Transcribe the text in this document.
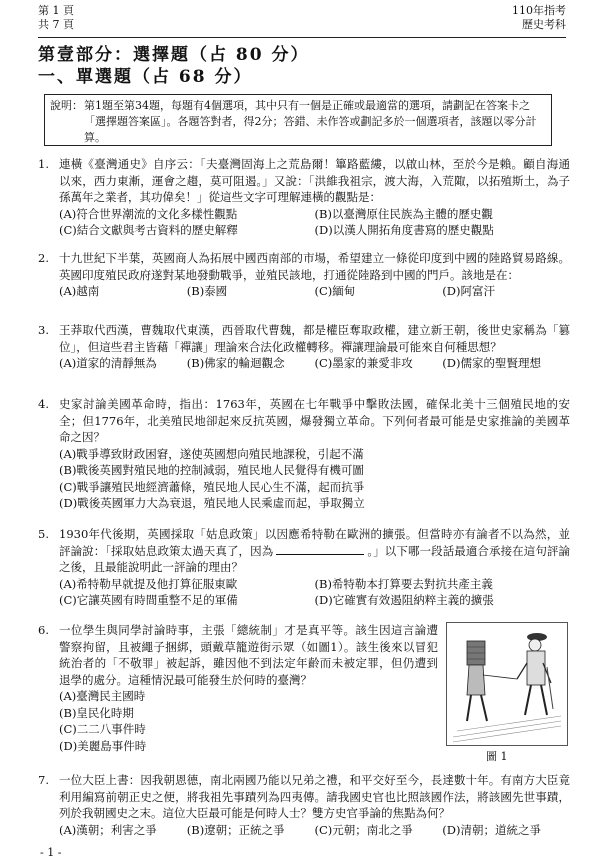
第 1 頁
共 7 頁
110年指考
歷史考科
第壹部分：選擇題（占 80 分）
一、單選題（占 68 分）
說明： 第1題至第34題，每題有4個選項，其中只有一個是正確或最適當的選項，請劃記在答案卡之「選擇題答案區」。各題答對者，得2分；答錯、未作答或劃記多於一個選項者，該題以零分計算。
1. 連橫《臺灣通史》自序云：「夫臺灣固海上之荒島爾！篳路藍縷，以啟山林，至於今是賴。顧自海通以來，西力東漸，運會之趨，莫可阻遏。」又說：「洪維我祖宗，渡大海，入荒陬，以拓殖斯土，為子孫萬年之業者，其功偉矣！」從這些文字可理解連橫的觀點是：
(A)符合世界潮流的文化多樣性觀點	(B)以臺灣原住民族為主體的歷史觀
(C)結合文獻與考古資料的歷史解釋	(D)以漢人開拓角度書寫的歷史觀點
2. 十九世紀下半葉，英國商人為拓展中國西南部的市場，希望建立一條從印度到中國的陸路貿易路線。英國印度殖民政府遂對某地發動戰爭，並殖民該地，打通從陸路到中國的門戶。該地是在：
(A)越南	(B)泰國	(C)緬甸	(D)阿富汗
3. 王莽取代西漢，曹魏取代東漢，西晉取代曹魏，都是權臣奪取政權，建立新王朝，後世史家稱為「篡位」，但這些君主皆藉「禪讓」理論來合法化政權轉移。禪讓理論最可能來自何種思想？
(A)道家的清靜無為	(B)佛家的輪迴觀念	(C)墨家的兼愛非攻	(D)儒家的聖賢理想
4. 史家討論美國革命時，指出：1763年，英國在七年戰爭中擊敗法國，確保北美十三個殖民地的安全；但1776年，北美殖民地卻起來反抗英國，爆發獨立革命。下列何者最可能是史家推論的美國革命之因？
(A)戰爭導致財政困窘，遂使英國想向殖民地課稅，引起不滿
(B)戰後英國對殖民地的控制減弱，殖民地人民覺得有機可圖
(C)戰爭讓殖民地經濟蕭條，殖民地人民心生不滿，起而抗爭
(D)戰後英國軍力大為衰退，殖民地人民乘虛而起，爭取獨立
5. 1930年代後期，英國採取「姑息政策」以因應希特勒在歐洲的擴張。但當時亦有論者不以為然，並評論說：「採取姑息政策太過天真了，因為	。」以下哪一段話最適合承接在這句評論之後，且最能說明此一評論的理由？
(A)希特勒早就提及他打算征服東歐	(B)希特勒本打算要去對抗共產主義
(C)它讓英國有時間重整不足的軍備	(D)它確實有效遏阻納粹主義的擴張
6. 一位學生與同學討論時事，主張「總統制」才是真平等。該生因這言論遭警察拘留，且被繩子捆綁，頭戴草籠遊街示眾（如圖1）。該生後來以冒犯統治者的「不敬罪」被起訴，雖因他不到法定年齡而未被定罪，但仍遭到退學的處分。這種情況最可能發生於何時的臺灣？
(A)臺灣民主國時
(B)皇民化時期
(C)二二八事件時
(D)美麗島事件時
圖 1
7. 一位大臣上書：因我朝恩德，南北兩國乃能以兄弟之禮，和平交好至今，長達數十年。有南方大臣竟利用編寫前朝正史之便，將我祖先事蹟列為四夷傳。請我國史官也比照該國作法，將該國先世事蹟，列於我朝國史之末。這位大臣最可能是何時人士？雙方史官爭論的焦點為何？
(A)漢朝；利害之爭	(B)遼朝；正統之爭	(C)元朝；南北之爭	(D)清朝；道統之爭
- 1 -
